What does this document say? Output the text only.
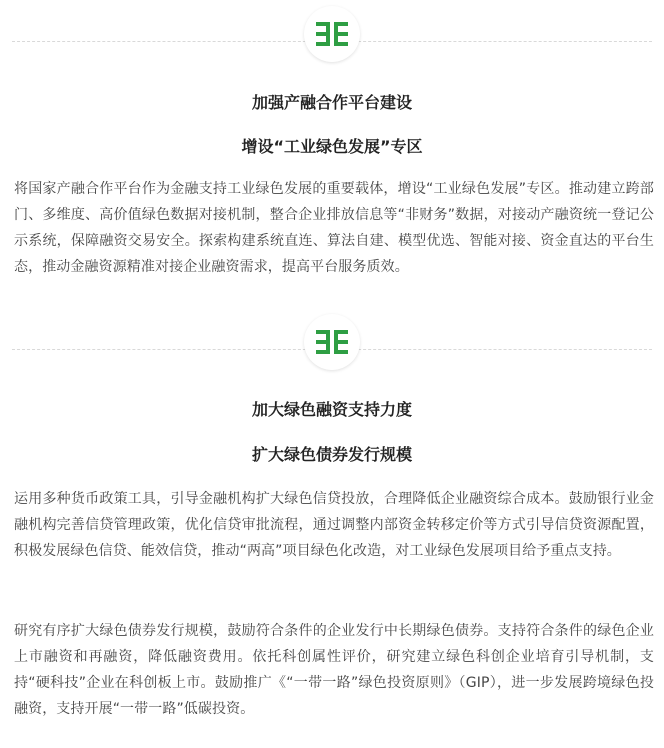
加强产融合作平台建设
增设“工业绿色发展”专区
将国家产融合作平台作为金融支持工业绿色发展的重要载体，增设“工业绿色发展”专区。推动建立跨部门、多维度、高价值绿色数据对接机制，整合企业排放信息等“非财务”数据，对接动产融资统一登记公示系统，保障融资交易安全。探索构建系统直连、算法自建、模型优选、智能对接、资金直达的平台生态，推动金融资源精准对接企业融资需求，提高平台服务质效。
加大绿色融资支持力度
扩大绿色债券发行规模
运用多种货币政策工具，引导金融机构扩大绿色信贷投放，合理降低企业融资综合成本。鼓励银行业金融机构完善信贷管理政策，优化信贷审批流程，通过调整内部资金转移定价等方式引导信贷资源配置，积极发展绿色信贷、能效信贷，推动“两高”项目绿色化改造，对工业绿色发展项目给予重点支持。
研究有序扩大绿色债券发行规模，鼓励符合条件的企业发行中长期绿色债券。支持符合条件的绿色企业上市融资和再融资，降低融资费用。依托科创属性评价，研究建立绿色科创企业培育引导机制，支持“硬科技”企业在科创板上市。鼓励推广《“一带一路”绿色投资原则》（GIP），进一步发展跨境绿色投融资，支持开展“一带一路”低碳投资。
